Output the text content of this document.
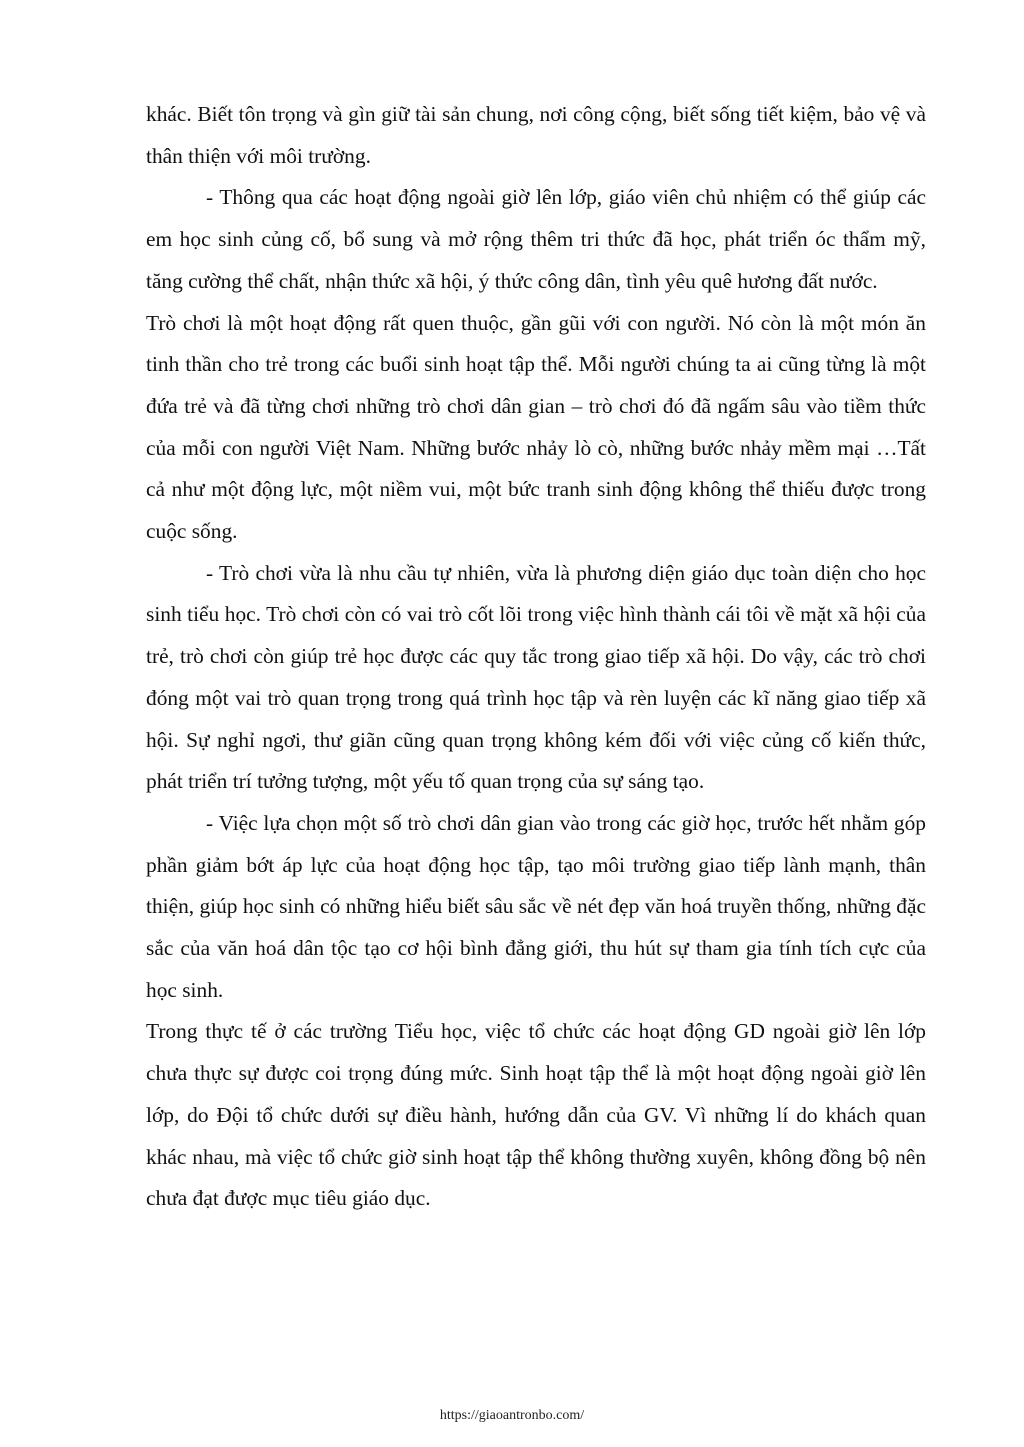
khác. Biết tôn trọng và gìn giữ tài sản chung, nơi công cộng, biết sống tiết kiệm, bảo vệ và thân thiện với môi trường.

- Thông qua các hoạt động ngoài giờ lên lớp, giáo viên chủ nhiệm có thể giúp các em học sinh củng cố, bổ sung và mở rộng thêm tri thức đã học, phát triển óc thẩm mỹ, tăng cường thể chất, nhận thức xã hội, ý thức công dân, tình yêu quê hương đất nước.

Trò chơi là một hoạt động rất quen thuộc, gần gũi với con người. Nó còn là một món ăn tinh thần cho trẻ trong các buổi sinh hoạt tập thể. Mỗi người chúng ta ai cũng từng là một đứa trẻ và đã từng chơi những trò chơi dân gian – trò chơi đó đã ngấm sâu vào tiềm thức của mỗi con người Việt Nam. Những bước nhảy lò cò, những bước nhảy mềm mại …Tất cả như một động lực, một niềm vui, một bức tranh sinh động không thể thiếu được trong cuộc sống.

- Trò chơi vừa là nhu cầu tự nhiên, vừa là phương diện giáo dục toàn diện cho học sinh tiểu học. Trò chơi còn có vai trò cốt lõi trong việc hình thành cái tôi về mặt xã hội của trẻ, trò chơi còn giúp trẻ học được các quy tắc trong giao tiếp xã hội. Do vậy, các trò chơi đóng một vai trò quan trọng trong quá trình học tập và rèn luyện các kĩ năng giao tiếp xã hội. Sự nghỉ ngơi, thư giãn cũng quan trọng không kém đối với việc củng cố kiến thức, phát triển trí tưởng tượng, một yếu tố quan trọng của sự sáng tạo.

- Việc lựa chọn một số trò chơi dân gian vào trong các giờ học, trước hết nhằm góp phần giảm bớt áp lực của hoạt động học tập, tạo môi trường giao tiếp lành mạnh, thân thiện, giúp học sinh có những hiểu biết sâu sắc về nét đẹp văn hoá truyền thống, những đặc sắc của văn hoá dân tộc tạo cơ hội bình đẳng giới, thu hút sự tham gia tính tích cực của học sinh.

Trong thực tế ở các trường Tiểu học, việc tổ chức các hoạt động GD ngoài giờ lên lớp chưa thực sự được coi trọng đúng mức. Sinh hoạt tập thể là một hoạt động ngoài giờ lên lớp, do Đội tổ chức dưới sự điều hành, hướng dẫn của GV. Vì những lí do khách quan khác nhau, mà việc tổ chức giờ sinh hoạt tập thể không thường xuyên, không đồng bộ nên chưa đạt được mục tiêu giáo dục.

https://giaoantronbo.com/
